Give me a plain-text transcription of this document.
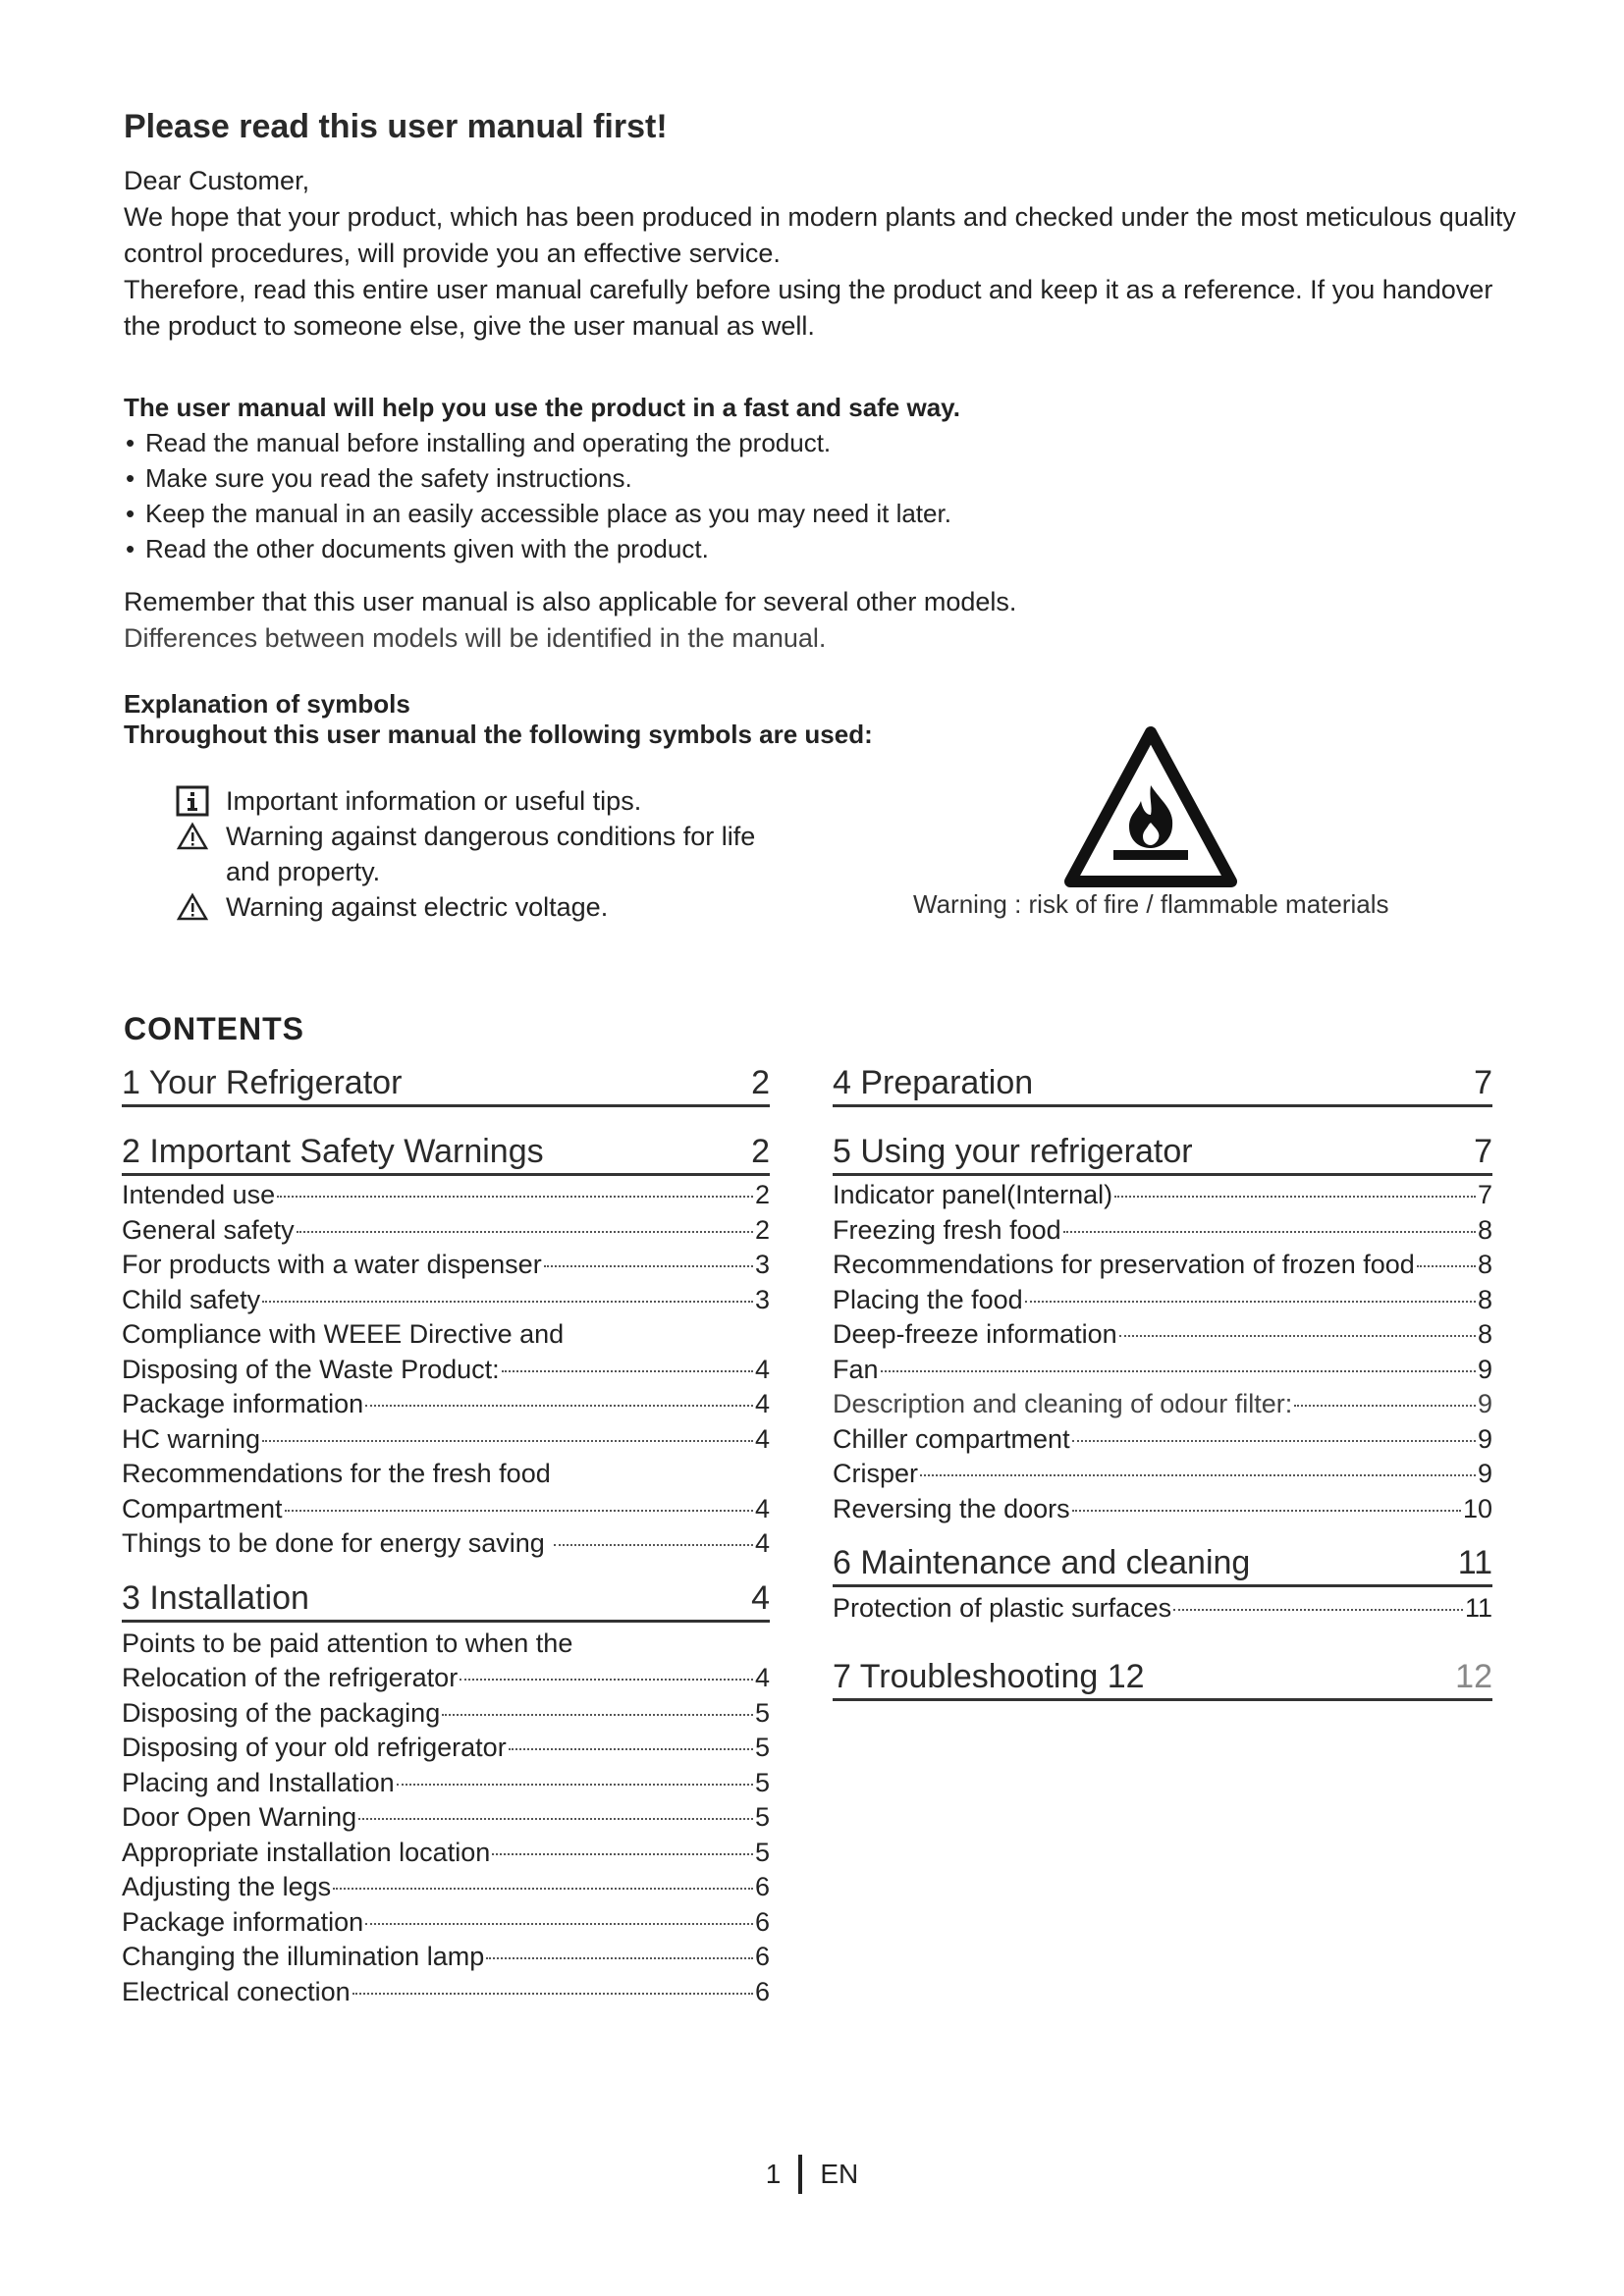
Please read this user manual first!
Dear Customer,
We hope that your product, which has been produced in modern plants and checked under the most meticulous quality control procedures, will provide you an effective service.
Therefore, read this entire user manual carefully before using the product and keep it as a reference. If you handover the product to someone else, give the user manual as well.
The user manual will help you use the product in a fast and safe way.
• Read the manual before installing and operating the product.
• Make sure you read the safety instructions.
• Keep the manual in an easily accessible place as you may need it later.
• Read the other documents given with the product.
Remember that this user manual is also applicable for several other models.
Differences between models will be identified in the manual.
Explanation of symbols
Throughout this user manual the following symbols are used:
Important information or useful tips.
Warning against dangerous conditions for life and property.
Warning against electric voltage.	Warning : risk of fire / flammable materials
CONTENTS
1 Your Refrigerator	2
2 Important Safety Warnings	2
Intended use	2
General safety	2
For products with a water dispenser	3
Child safety	3
Compliance with WEEE Directive and
Disposing of the Waste Product:	4
Package information	4
HC warning	4
Recommendations for the fresh food
Compartment	4
Things to be done for energy saving	4
3 Installation	4
Points to be paid attention to when the
Relocation of the refrigerator	4
Disposing of the packaging	5
Disposing of your old refrigerator	5
Placing and Installation	5
Door Open Warning	5
Appropriate installation location	5
Adjusting the legs	6
Package information	6
Changing the illumination lamp	6
Electrical conection	6
4 Preparation	7
5 Using your refrigerator	7
Indicator panel(Internal)	7
Freezing fresh food	8
Recommendations for preservation of frozen food 8
Placing the food	8
Deep-freeze information	8
Fan	9
Description and cleaning of odour filter:	9
Chiller compartment	9
Crisper	9
Reversing the doors	10
6 Maintenance and cleaning	11
Protection of plastic surfaces	11
7 Troubleshooting 12	12
1 EN
